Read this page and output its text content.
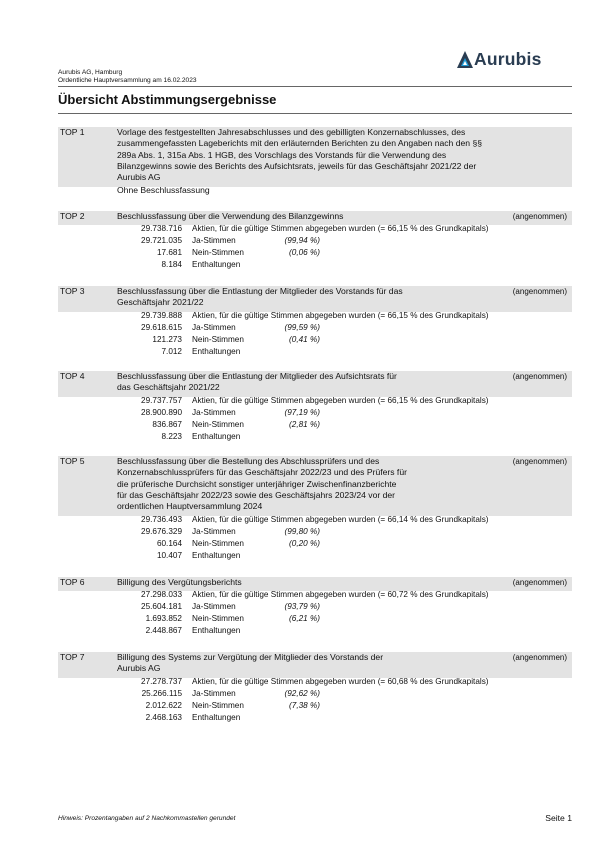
Aurubis AG, Hamburg
Ordentliche Hauptversammlung am 16.02.2023
Aurubis
Übersicht Abstimmungsergebnisse
TOP 1	Vorlage des festgestellten Jahresabschlusses und des gebilligten Konzernabschlusses, des
zusammengefassten Lageberichts mit den erläuternden Berichten zu den Angaben nach den §§
289a Abs. 1, 315a Abs. 1 HGB, des Vorschlags des Vorstands für die Verwendung des
Bilanzgewinns sowie des Berichts des Aufsichtsrats, jeweils für das Geschäftsjahr 2021/22 der
Aurubis AG
Ohne Beschlussfassung
TOP 2	Beschlussfassung über die Verwendung des Bilanzgewinns	(angenommen)
29.738.716 Aktien, für die gültige Stimmen abgegeben wurden (= 66,15 % des Grundkapitals)
29.721.035 Ja-Stimmen	(99,94 %)
17.681 Nein-Stimmen	(0,06 %)
8.184 Enthaltungen
TOP 3	Beschlussfassung über die Entlastung der Mitglieder des Vorstands für das
Geschäftsjahr 2021/22
(angenommen)
29.739.888 Aktien, für die gültige Stimmen abgegeben wurden (= 66,15 % des Grundkapitals)
29.618.615 Ja-Stimmen	(99,59 %)
121.273 Nein-Stimmen	(0,41 %)
7.012 Enthaltungen
TOP 4	Beschlussfassung über die Entlastung der Mitglieder des Aufsichtsrats für
das Geschäftsjahr 2021/22
(angenommen)
29.737.757 Aktien, für die gültige Stimmen abgegeben wurden (= 66,15 % des Grundkapitals)
28.900.890 Ja-Stimmen	(97,19 %)
836.867 Nein-Stimmen	(2,81 %)
8.223 Enthaltungen
TOP 5	Beschlussfassung über die Bestellung des Abschlussprüfers und des
Konzernabschlussprüfers für das Geschäftsjahr 2022/23 und des Prüfers für
die prüferische Durchsicht sonstiger unterjähriger Zwischenfinanzberichte
für das Geschäftsjahr 2022/23 sowie des Geschäftsjahrs 2023/24 vor der
ordentlichen Hauptversammlung 2024
(angenommen)
29.736.493 Aktien, für die gültige Stimmen abgegeben wurden (= 66,14 % des Grundkapitals)
29.676.329 Ja-Stimmen	(99,80 %)
60.164 Nein-Stimmen	(0,20 %)
10.407 Enthaltungen
TOP 6	Billigung des Vergütungsberichts	(angenommen)
27.298.033 Aktien, für die gültige Stimmen abgegeben wurden (= 60,72 % des Grundkapitals)
25.604.181 Ja-Stimmen	(93,79 %)
1.693.852 Nein-Stimmen	(6,21 %)
2.448.867 Enthaltungen
TOP 7	Billigung des Systems zur Vergütung der Mitglieder des Vorstands der
Aurubis AG
(angenommen)
27.278.737 Aktien, für die gültige Stimmen abgegeben wurden (= 60,68 % des Grundkapitals)
25.266.115 Ja-Stimmen	(92,62 %)
2.012.622 Nein-Stimmen	(7,38 %)
2.468.163 Enthaltungen
Hinweis: Prozentangaben auf 2 Nachkommastellen gerundet	Seite 1
